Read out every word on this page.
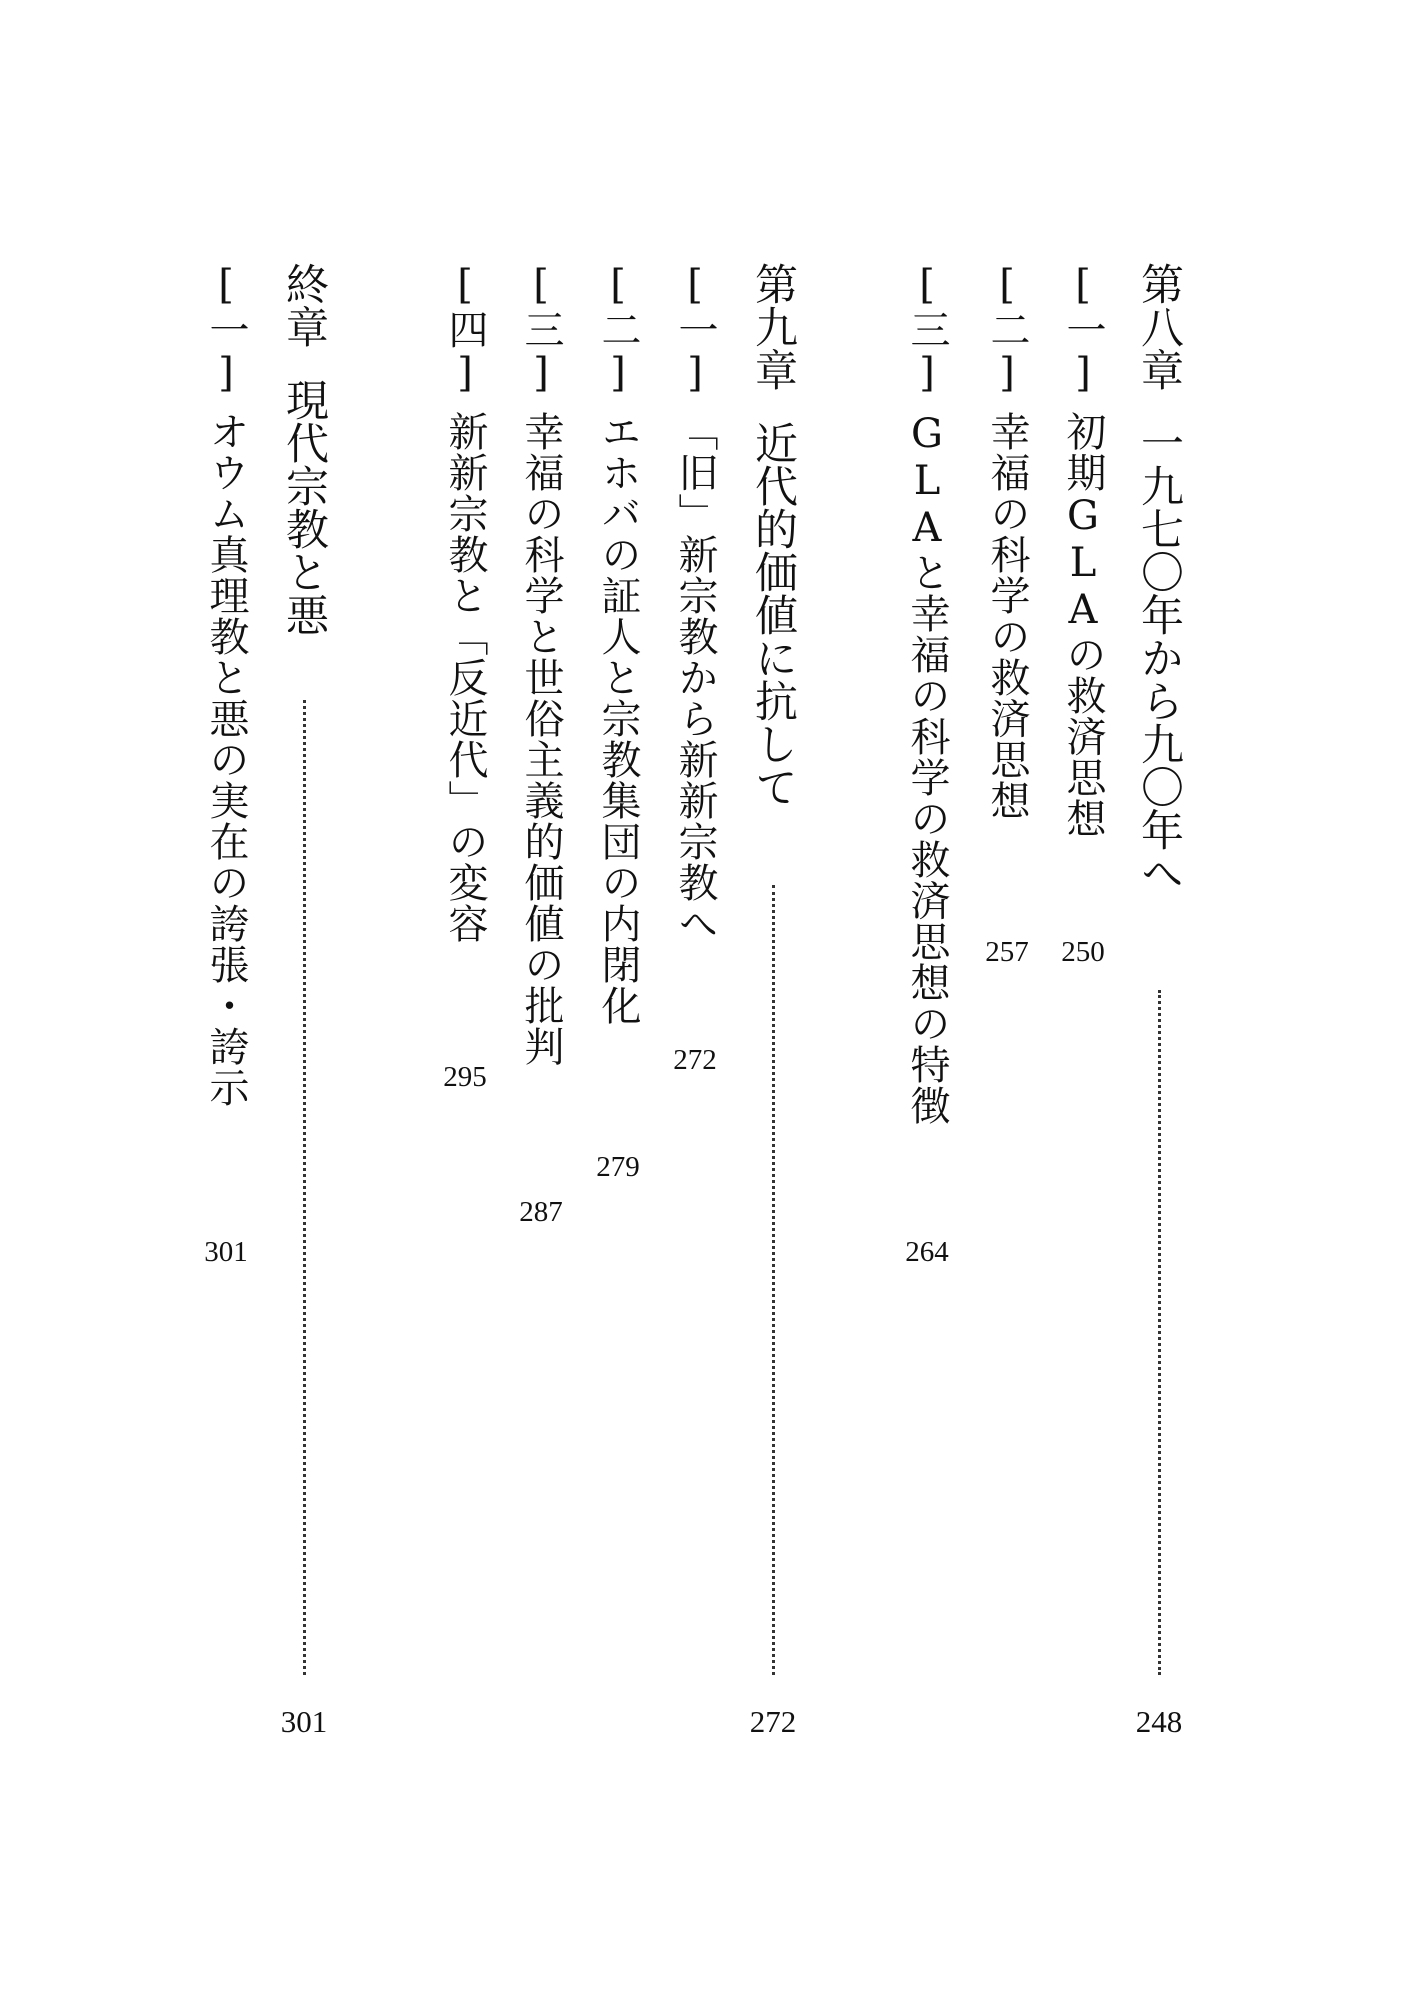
第八章一九七〇年から九〇年へ
248
[一]初期GLAの救済思想
250
[二]幸福の科学の救済思想
257
[三]GLAと幸福の科学の救済思想の特徴
264
第九章近代的価値に抗して
272
[一]「旧」新宗教から新新宗教へ
272
[二]エホバの証人と宗教集団の内閉化
279
[三]幸福の科学と世俗主義的価値の批判
287
[四]新新宗教と「反近代」の変容
295
終章現代宗教と悪
301
[一]オウム真理教と悪の実在の誇張・誇示
301
